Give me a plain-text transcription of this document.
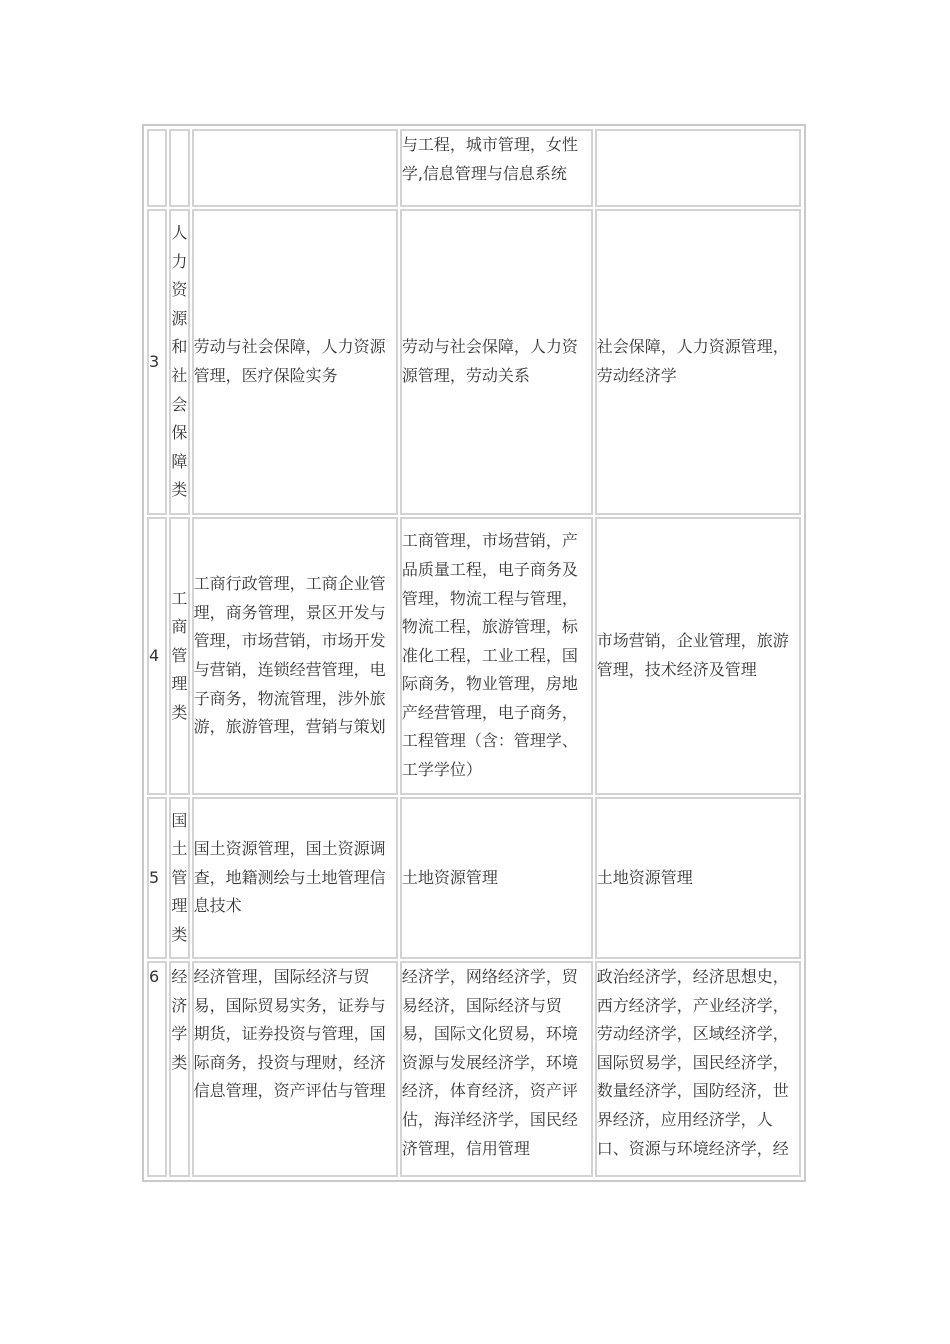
		与工程，城市管理，女性学,信息管理与信息系统	
3	人力资源和社会保障类	劳动与社会保障，人力资源管理，医疗保险实务	劳动与社会保障，人力资源管理，劳动关系	社会保障，人力资源管理，劳动经济学
4	工商管理类	工商行政管理，工商企业管理，商务管理，景区开发与管理，市场营销，市场开发与营销，连锁经营管理，电子商务，物流管理，涉外旅游，旅游管理，营销与策划	工商管理，市场营销，产品质量工程，电子商务及管理，物流工程与管理，物流工程，旅游管理，标准化工程，工业工程，国际商务，物业管理，房地产经营管理，电子商务，工程管理（含：管理学、工学学位）	市场营销，企业管理，旅游管理，技术经济及管理
5	国土管理类	国土资源管理，国土资源调查，地籍测绘与土地管理信息技术	土地资源管理	土地资源管理
6	经济学类	经济管理，国际经济与贸易，国际贸易实务，证券与期货，证券投资与管理，国际商务，投资与理财，经济信息管理，资产评估与管理	经济学，网络经济学，贸易经济，国际经济与贸易，国际文化贸易，环境资源与发展经济学，环境经济，体育经济，资产评估，海洋经济学，国民经济管理，信用管理	政治经济学，经济思想史，西方经济学，产业经济学，劳动经济学，区域经济学，国际贸易学，国民经济学，数量经济学，国防经济，世界经济，应用经济学，人口、资源与环境经济学，经
